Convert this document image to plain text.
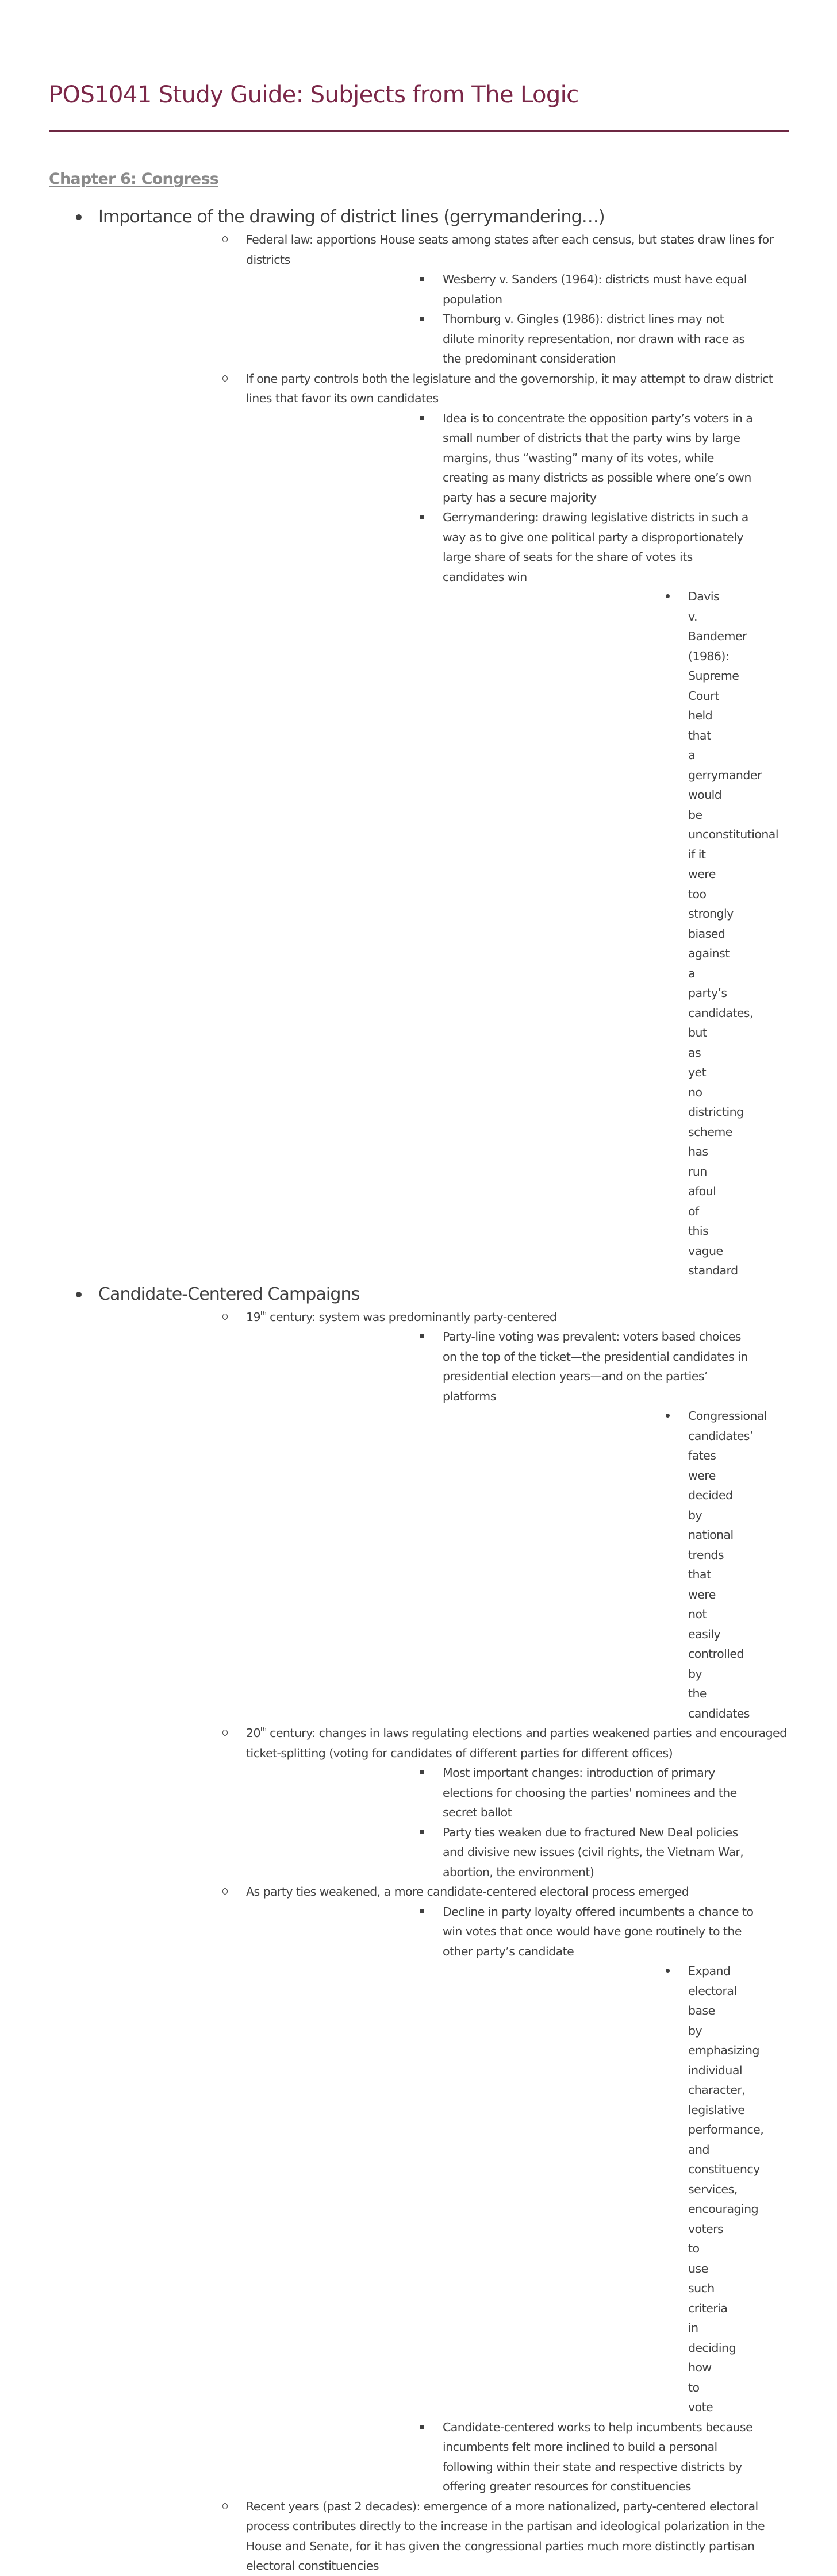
POS1041 Study Guide: Subjects from The Logic
Chapter 6: Congress
Importance of the drawing of district lines (gerrymandering…)
Federal law: apportions House seats among states after each census, but states draw lines for districts
Wesberry v. Sanders (1964): districts must have equal population
Thornburg v. Gingles (1986): district lines may not dilute minority representation, nor drawn with race as the predominant consideration
If one party controls both the legislature and the governorship, it may attempt to draw district lines that favor its own candidates
Idea is to concentrate the opposition party’s voters in a small number of districts that the party wins by large margins, thus “wasting” many of its votes, while creating as many districts as possible where one’s own party has a secure majority
Gerrymandering: drawing legislative districts in such a way as to give one political party a disproportionately large share of seats for the share of votes its candidates win
Davis v. Bandemer (1986): Supreme Court held that a gerrymander would be unconstitutional if it were too strongly biased against a party’s candidates, but as yet no districting scheme has run afoul of this vague standard
Candidate-Centered Campaigns
19th century: system was predominantly party-centered
Party-line voting was prevalent: voters based choices on the top of the ticket—the presidential candidates in presidential election years—and on the parties’ platforms
Congressional candidates’ fates were decided by national trends that were not easily controlled by the candidates
20th century: changes in laws regulating elections and parties weakened parties and encouraged ticket-splitting (voting for candidates of different parties for different offices)
Most important changes: introduction of primary elections for choosing the parties' nominees and the secret ballot
Party ties weaken due to fractured New Deal policies and divisive new issues (civil rights, the Vietnam War, abortion, the environment)
As party ties weakened, a more candidate-centered electoral process emerged
Decline in party loyalty offered incumbents a chance to win votes that once would have gone routinely to the other party’s candidate
Expand electoral base by emphasizing individual character, legislative performance, and constituency services, encouraging voters to use such criteria in deciding how to vote
Candidate-centered works to help incumbents because incumbents felt more inclined to build a personal following within their state and respective districts by offering greater resources for constituencies
Recent years (past 2 decades): emergence of a more nationalized, party-centered electoral process contributes directly to the increase in the partisan and ideological polarization in the House and Senate, for it has given the congressional parties much more distinctly partisan electoral constituencies
